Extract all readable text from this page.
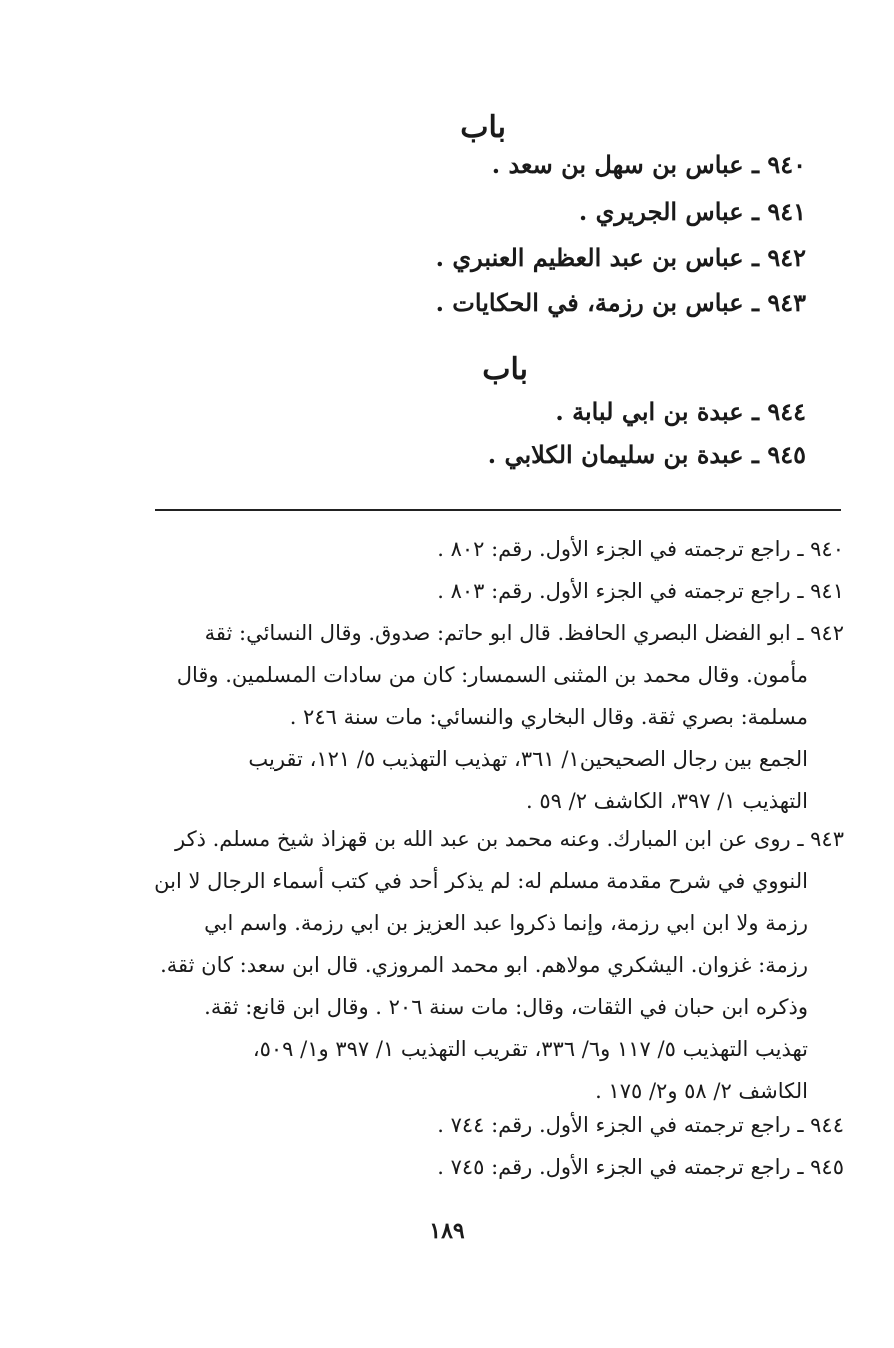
باب
٩٤٠ ـ عباس بن سهل بن سعد .
٩٤١ ـ عباس الجريري .
٩٤٢ ـ عباس بن عبد العظيم العنبري .
٩٤٣ ـ عباس بن رزمة، في الحكايات .
باب
٩٤٤ ـ عبدة بن ابي لبابة .
٩٤٥ ـ عبدة بن سليمان الكلابي .
٩٤٠ ـ راجع ترجمته في الجزء الأول. رقم: ٨٠٢ .
٩٤١ ـ راجع ترجمته في الجزء الأول. رقم: ٨٠٣ .
٩٤٢ ـ ابو الفضل البصري الحافظ. قال ابو حاتم: صدوق. وقال النسائي: ثقة
مأمون. وقال محمد بن المثنى السمسار: كان من سادات المسلمين. وقال
مسلمة: بصري ثقة. وقال البخاري والنسائي: مات سنة ٢٤٦ .
الجمع بين رجال الصحيحين١/ ٣٦١، تهذيب التهذيب ٥/ ١٢١، تقريب
التهذيب ١/ ٣٩٧، الكاشف ٢/ ٥٩ .
٩٤٣ ـ روى عن ابن المبارك. وعنه محمد بن عبد الله بن قهزاذ شيخ مسلم. ذكر
النووي في شرح مقدمة مسلم له: لم يذكر أحد في كتب أسماء الرجال لا ابن
رزمة ولا ابن ابي رزمة، وإنما ذكروا عبد العزيز بن ابي رزمة. واسم ابي
رزمة: غزوان. اليشكري مولاهم. ابو محمد المروزي. قال ابن سعد: كان ثقة.
وذكره ابن حبان في الثقات، وقال: مات سنة ٢٠٦ . وقال ابن قانع: ثقة.
تهذيب التهذيب ٥/ ١١٧ و٦/ ٣٣٦، تقريب التهذيب ١/ ٣٩٧ و١/ ٥٠٩،
الكاشف ٢/ ٥٨ و٢/ ١٧٥ .
٩٤٤ ـ راجع ترجمته في الجزء الأول. رقم: ٧٤٤ .
٩٤٥ ـ راجع ترجمته في الجزء الأول. رقم: ٧٤٥ .
١٨٩
